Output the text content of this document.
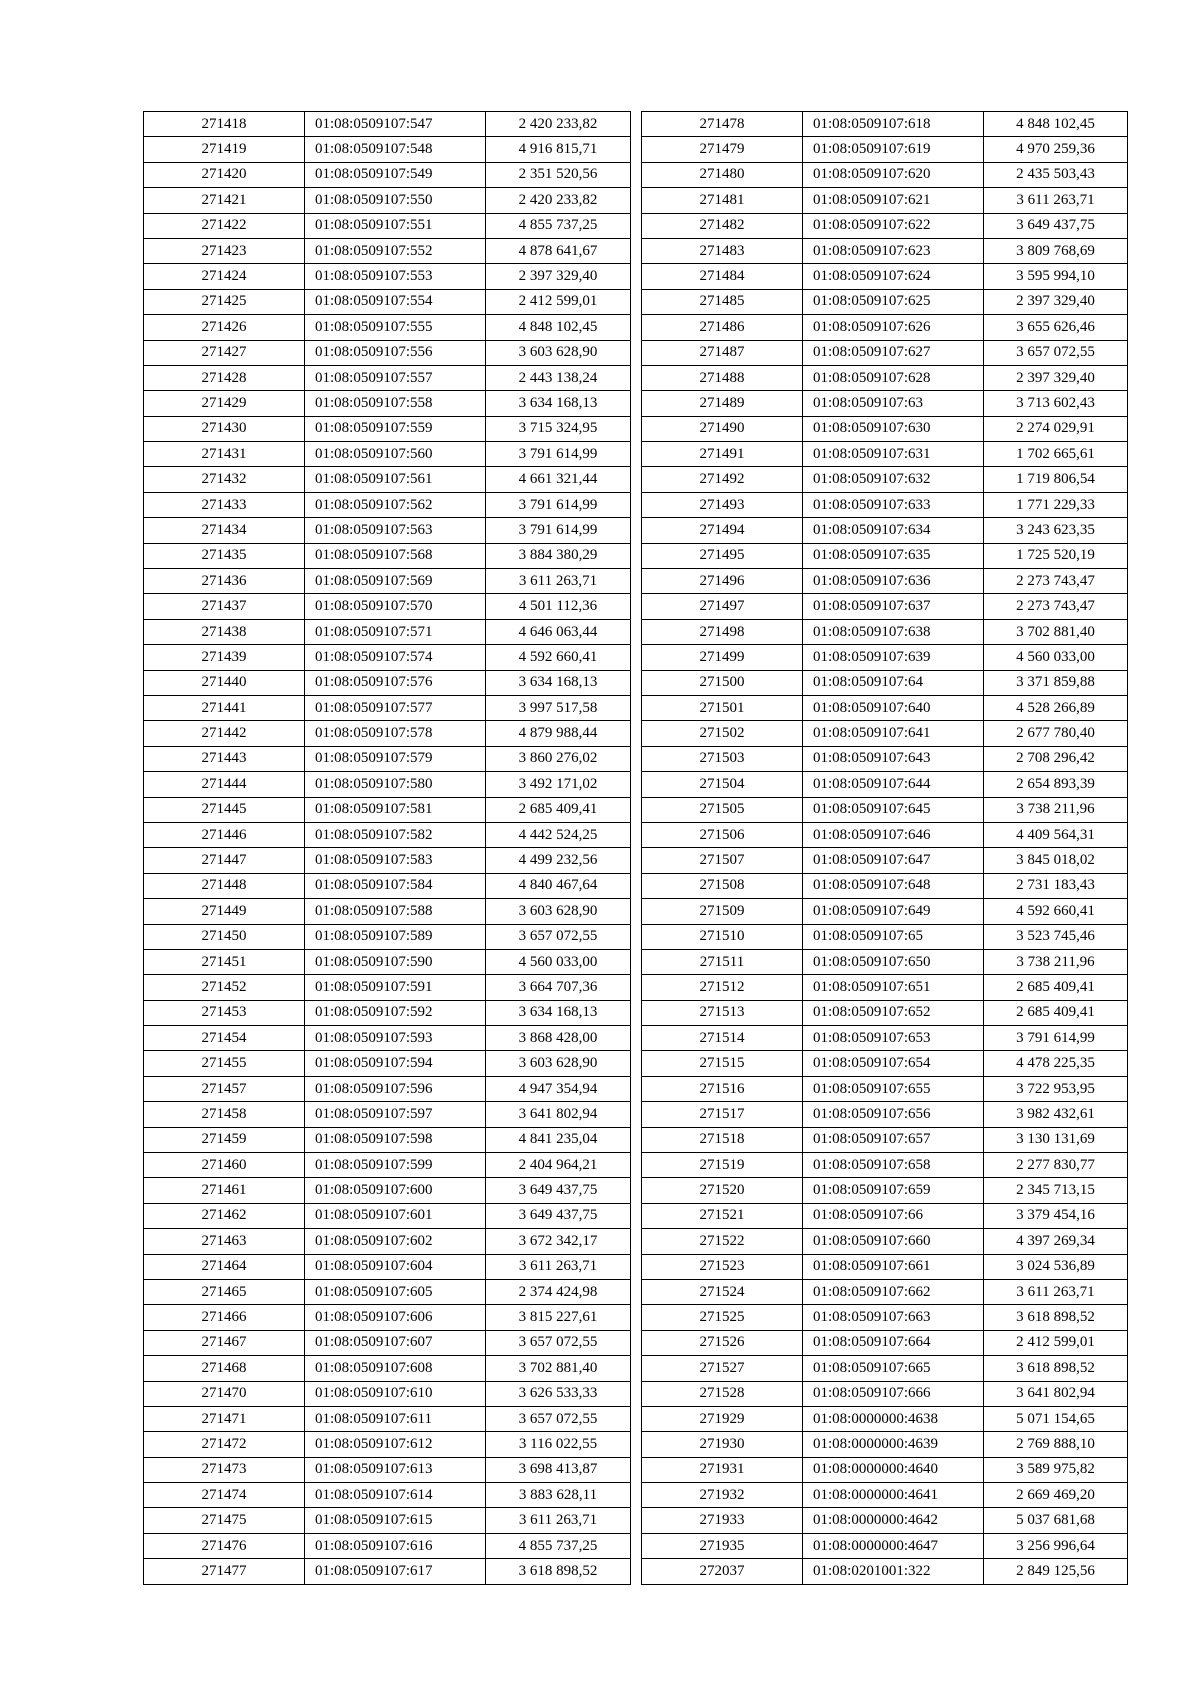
271418	01:08:0509107:547	2 420 233,82
271419	01:08:0509107:548	4 916 815,71
271420	01:08:0509107:549	2 351 520,56
271421	01:08:0509107:550	2 420 233,82
271422	01:08:0509107:551	4 855 737,25
271423	01:08:0509107:552	4 878 641,67
271424	01:08:0509107:553	2 397 329,40
271425	01:08:0509107:554	2 412 599,01
271426	01:08:0509107:555	4 848 102,45
271427	01:08:0509107:556	3 603 628,90
271428	01:08:0509107:557	2 443 138,24
271429	01:08:0509107:558	3 634 168,13
271430	01:08:0509107:559	3 715 324,95
271431	01:08:0509107:560	3 791 614,99
271432	01:08:0509107:561	4 661 321,44
271433	01:08:0509107:562	3 791 614,99
271434	01:08:0509107:563	3 791 614,99
271435	01:08:0509107:568	3 884 380,29
271436	01:08:0509107:569	3 611 263,71
271437	01:08:0509107:570	4 501 112,36
271438	01:08:0509107:571	4 646 063,44
271439	01:08:0509107:574	4 592 660,41
271440	01:08:0509107:576	3 634 168,13
271441	01:08:0509107:577	3 997 517,58
271442	01:08:0509107:578	4 879 988,44
271443	01:08:0509107:579	3 860 276,02
271444	01:08:0509107:580	3 492 171,02
271445	01:08:0509107:581	2 685 409,41
271446	01:08:0509107:582	4 442 524,25
271447	01:08:0509107:583	4 499 232,56
271448	01:08:0509107:584	4 840 467,64
271449	01:08:0509107:588	3 603 628,90
271450	01:08:0509107:589	3 657 072,55
271451	01:08:0509107:590	4 560 033,00
271452	01:08:0509107:591	3 664 707,36
271453	01:08:0509107:592	3 634 168,13
271454	01:08:0509107:593	3 868 428,00
271455	01:08:0509107:594	3 603 628,90
271457	01:08:0509107:596	4 947 354,94
271458	01:08:0509107:597	3 641 802,94
271459	01:08:0509107:598	4 841 235,04
271460	01:08:0509107:599	2 404 964,21
271461	01:08:0509107:600	3 649 437,75
271462	01:08:0509107:601	3 649 437,75
271463	01:08:0509107:602	3 672 342,17
271464	01:08:0509107:604	3 611 263,71
271465	01:08:0509107:605	2 374 424,98
271466	01:08:0509107:606	3 815 227,61
271467	01:08:0509107:607	3 657 072,55
271468	01:08:0509107:608	3 702 881,40
271470	01:08:0509107:610	3 626 533,33
271471	01:08:0509107:611	3 657 072,55
271472	01:08:0509107:612	3 116 022,55
271473	01:08:0509107:613	3 698 413,87
271474	01:08:0509107:614	3 883 628,11
271475	01:08:0509107:615	3 611 263,71
271476	01:08:0509107:616	4 855 737,25
271477	01:08:0509107:617	3 618 898,52
271478	01:08:0509107:618	4 848 102,45
271479	01:08:0509107:619	4 970 259,36
271480	01:08:0509107:620	2 435 503,43
271481	01:08:0509107:621	3 611 263,71
271482	01:08:0509107:622	3 649 437,75
271483	01:08:0509107:623	3 809 768,69
271484	01:08:0509107:624	3 595 994,10
271485	01:08:0509107:625	2 397 329,40
271486	01:08:0509107:626	3 655 626,46
271487	01:08:0509107:627	3 657 072,55
271488	01:08:0509107:628	2 397 329,40
271489	01:08:0509107:63	3 713 602,43
271490	01:08:0509107:630	2 274 029,91
271491	01:08:0509107:631	1 702 665,61
271492	01:08:0509107:632	1 719 806,54
271493	01:08:0509107:633	1 771 229,33
271494	01:08:0509107:634	3 243 623,35
271495	01:08:0509107:635	1 725 520,19
271496	01:08:0509107:636	2 273 743,47
271497	01:08:0509107:637	2 273 743,47
271498	01:08:0509107:638	3 702 881,40
271499	01:08:0509107:639	4 560 033,00
271500	01:08:0509107:64	3 371 859,88
271501	01:08:0509107:640	4 528 266,89
271502	01:08:0509107:641	2 677 780,40
271503	01:08:0509107:643	2 708 296,42
271504	01:08:0509107:644	2 654 893,39
271505	01:08:0509107:645	3 738 211,96
271506	01:08:0509107:646	4 409 564,31
271507	01:08:0509107:647	3 845 018,02
271508	01:08:0509107:648	2 731 183,43
271509	01:08:0509107:649	4 592 660,41
271510	01:08:0509107:65	3 523 745,46
271511	01:08:0509107:650	3 738 211,96
271512	01:08:0509107:651	2 685 409,41
271513	01:08:0509107:652	2 685 409,41
271514	01:08:0509107:653	3 791 614,99
271515	01:08:0509107:654	4 478 225,35
271516	01:08:0509107:655	3 722 953,95
271517	01:08:0509107:656	3 982 432,61
271518	01:08:0509107:657	3 130 131,69
271519	01:08:0509107:658	2 277 830,77
271520	01:08:0509107:659	2 345 713,15
271521	01:08:0509107:66	3 379 454,16
271522	01:08:0509107:660	4 397 269,34
271523	01:08:0509107:661	3 024 536,89
271524	01:08:0509107:662	3 611 263,71
271525	01:08:0509107:663	3 618 898,52
271526	01:08:0509107:664	2 412 599,01
271527	01:08:0509107:665	3 618 898,52
271528	01:08:0509107:666	3 641 802,94
271929	01:08:0000000:4638	5 071 154,65
271930	01:08:0000000:4639	2 769 888,10
271931	01:08:0000000:4640	3 589 975,82
271932	01:08:0000000:4641	2 669 469,20
271933	01:08:0000000:4642	5 037 681,68
271935	01:08:0000000:4647	3 256 996,64
272037	01:08:0201001:322	2 849 125,56
